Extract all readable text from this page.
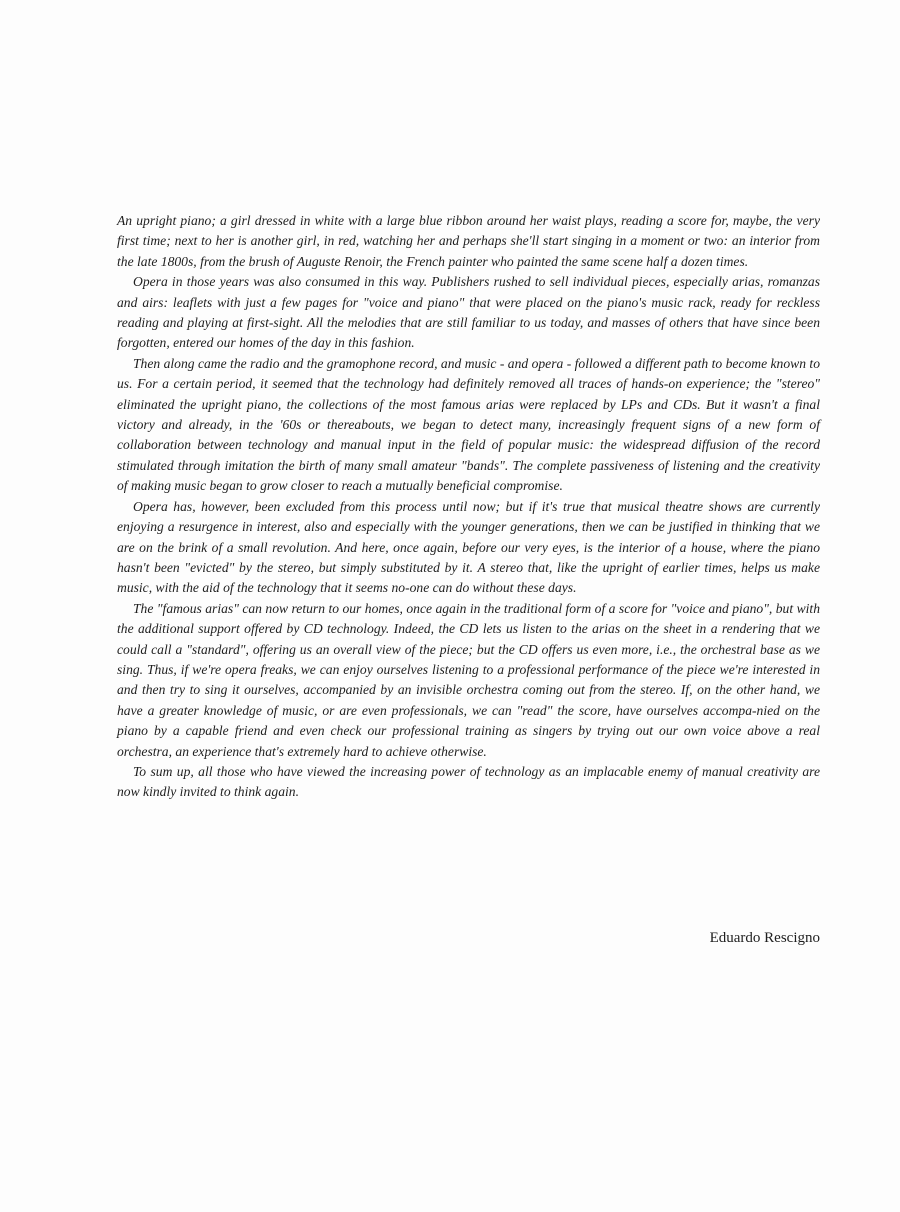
An upright piano; a girl dressed in white with a large blue ribbon around her waist plays, reading a score for, maybe, the very first time; next to her is another girl, in red, watching her and perhaps she'll start singing in a moment or two: an interior from the late 1800s, from the brush of Auguste Renoir, the French painter who painted the same scene half a dozen times.

Opera in those years was also consumed in this way. Publishers rushed to sell individual pieces, especially arias, romanzas and airs: leaflets with just a few pages for "voice and piano" that were placed on the piano's music rack, ready for reckless reading and playing at first-sight. All the melodies that are still familiar to us today, and masses of others that have since been forgotten, entered our homes of the day in this fashion.

Then along came the radio and the gramophone record, and music - and opera - followed a different path to become known to us. For a certain period, it seemed that the technology had definitely removed all traces of hands-on experience; the "stereo" eliminated the upright piano, the collections of the most famous arias were replaced by LPs and CDs. But it wasn't a final victory and already, in the '60s or thereabouts, we began to detect many, increasingly frequent signs of a new form of collaboration between technology and manual input in the field of popular music: the widespread diffusion of the record stimulated through imitation the birth of many small amateur "bands". The complete passiveness of listening and the creativity of making music began to grow closer to reach a mutually beneficial compromise.

Opera has, however, been excluded from this process until now; but if it's true that musical theatre shows are currently enjoying a resurgence in interest, also and especially with the younger generations, then we can be justified in thinking that we are on the brink of a small revolution. And here, once again, before our very eyes, is the interior of a house, where the piano hasn't been "evicted" by the stereo, but simply substituted by it. A stereo that, like the upright of earlier times, helps us make music, with the aid of the technology that it seems no-one can do without these days.

The "famous arias" can now return to our homes, once again in the traditional form of a score for "voice and piano", but with the additional support offered by CD technology. Indeed, the CD lets us listen to the arias on the sheet in a rendering that we could call a "standard", offering us an overall view of the piece; but the CD offers us even more, i.e., the orchestral base as we sing. Thus, if we're opera freaks, we can enjoy ourselves listening to a professional performance of the piece we're interested in and then try to sing it ourselves, accompanied by an invisible orchestra coming out from the stereo. If, on the other hand, we have a greater knowledge of music, or are even professionals, we can "read" the score, have ourselves accompa-nied on the piano by a capable friend and even check our professional training as singers by trying out our own voice above a real orchestra, an experience that's extremely hard to achieve otherwise.

To sum up, all those who have viewed the increasing power of technology as an implacable enemy of manual creativity are now kindly invited to think again.

Eduardo Rescigno
